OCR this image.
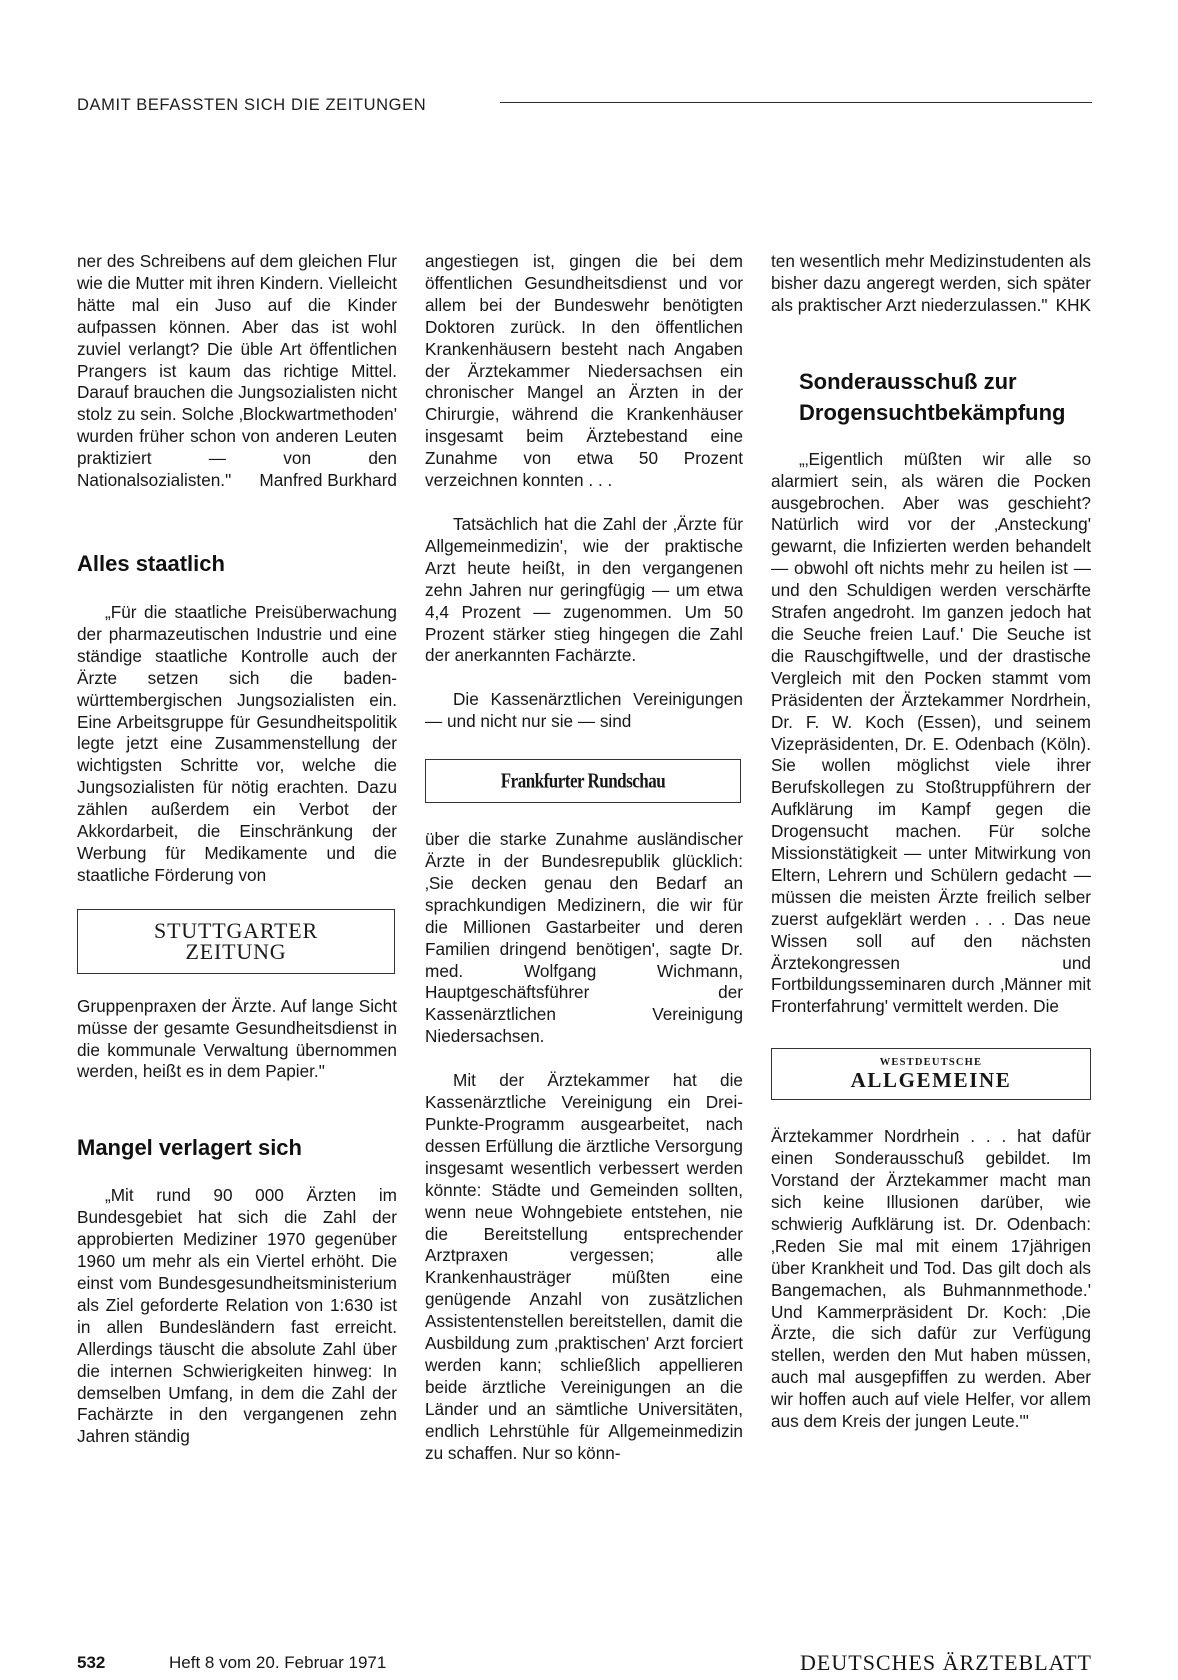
DAMIT BEFASSTEN SICH DIE ZEITUNGEN

ner des Schreibens auf dem gleichen Flur wie die Mutter mit ihren Kindern. Vielleicht hätte mal ein Juso auf die Kinder aufpassen können. Aber das ist wohl zuviel verlangt? Die üble Art öffentlichen Prangers ist kaum das richtige Mittel. Darauf brauchen die Jungsozialisten nicht stolz zu sein. Solche ‚Blockwartmethoden' wurden früher schon von anderen Leuten praktiziert — von den Nationalsozialisten." Manfred Burkhard

Alles staatlich

„Für die staatliche Preisüberwachung der pharmazeutischen Industrie und eine ständige staatliche Kontrolle auch der Ärzte setzen sich die baden-württembergischen Jungsozialisten ein. Eine Arbeitsgruppe für Gesundheitspolitik legte jetzt eine Zusammenstellung der wichtigsten Schritte vor, welche die Jungsozialisten für nötig erachten. Dazu zählen außerdem ein Verbot der Akkordarbeit, die Einschränkung der Werbung für Medikamente und die staatliche Förderung von

STUTTGARTER
ZEITUNG

Gruppenpraxen der Ärzte. Auf lange Sicht müsse der gesamte Gesundheitsdienst in die kommunale Verwaltung übernommen werden, heißt es in dem Papier."

Mangel verlagert sich

„Mit rund 90 000 Ärzten im Bundesgebiet hat sich die Zahl der approbierten Mediziner 1970 gegenüber 1960 um mehr als ein Viertel erhöht. Die einst vom Bundesgesundheitsministerium als Ziel geforderte Relation von 1:630 ist in allen Bundesländern fast erreicht. Allerdings täuscht die absolute Zahl über die internen Schwierigkeiten hinweg: In demselben Umfang, in dem die Zahl der Fachärzte in den vergangenen zehn Jahren ständig

angestiegen ist, gingen die bei dem öffentlichen Gesundheitsdienst und vor allem bei der Bundeswehr benötigten Doktoren zurück. In den öffentlichen Krankenhäusern besteht nach Angaben der Ärztekammer Niedersachsen ein chronischer Mangel an Ärzten in der Chirurgie, während die Krankenhäuser insgesamt beim Ärztebestand eine Zunahme von etwa 50 Prozent verzeichnen konnten . . .

Tatsächlich hat die Zahl der ‚Ärzte für Allgemeinmedizin', wie der praktische Arzt heute heißt, in den vergangenen zehn Jahren nur geringfügig — um etwa 4,4 Prozent — zugenommen. Um 50 Prozent stärker stieg hingegen die Zahl der anerkannten Fachärzte.

Die Kassenärztlichen Vereinigungen — und nicht nur sie — sind

Frankfurter Rundschau

über die starke Zunahme ausländischer Ärzte in der Bundesrepublik glücklich: ‚Sie decken genau den Bedarf an sprachkundigen Medizinern, die wir für die Millionen Gastarbeiter und deren Familien dringend benötigen', sagte Dr. med. Wolfgang Wichmann, Hauptgeschäftsführer der Kassenärztlichen Vereinigung Niedersachsen.

Mit der Ärztekammer hat die Kassenärztliche Vereinigung ein Drei-Punkte-Programm ausgearbeitet, nach dessen Erfüllung die ärztliche Versorgung insgesamt wesentlich verbessert werden könnte: Städte und Gemeinden sollten, wenn neue Wohngebiete entstehen, nie die Bereitstellung entsprechender Arztpraxen vergessen; alle Krankenhausträger müßten eine genügende Anzahl von zusätzlichen Assistentenstellen bereitstellen, damit die Ausbildung zum ‚praktischen' Arzt forciert werden kann; schließlich appellieren beide ärztliche Vereinigungen an die Länder und an sämtliche Universitäten, endlich Lehrstühle für Allgemeinmedizin zu schaffen. Nur so könn-

ten wesentlich mehr Medizinstudenten als bisher dazu angeregt werden, sich später als praktischer Arzt niederzulassen." KHK

Sonderausschuß zur Drogensuchtbekämpfung

„‚Eigentlich müßten wir alle so alarmiert sein, als wären die Pocken ausgebrochen. Aber was geschieht? Natürlich wird vor der ‚Ansteckung' gewarnt, die Infizierten werden behandelt — obwohl oft nichts mehr zu heilen ist — und den Schuldigen werden verschärfte Strafen angedroht. Im ganzen jedoch hat die Seuche freien Lauf.' Die Seuche ist die Rauschgiftwelle, und der drastische Vergleich mit den Pocken stammt vom Präsidenten der Ärztekammer Nordrhein, Dr. F. W. Koch (Essen), und seinem Vizepräsidenten, Dr. E. Odenbach (Köln). Sie wollen möglichst viele ihrer Berufskollegen zu Stoßtruppführern der Aufklärung im Kampf gegen die Drogensucht machen. Für solche Missionstätigkeit — unter Mitwirkung von Eltern, Lehrern und Schülern gedacht — müssen die meisten Ärzte freilich selber zuerst aufgeklärt werden . . . Das neue Wissen soll auf den nächsten Ärztekongressen und Fortbildungsseminaren durch ‚Männer mit Fronterfahrung' vermittelt werden. Die

WESTDEUTSCHE
ALLGEMEINE

Ärztekammer Nordrhein . . . hat dafür einen Sonderausschuß gebildet. Im Vorstand der Ärztekammer macht man sich keine Illusionen darüber, wie schwierig Aufklärung ist. Dr. Odenbach: ‚Reden Sie mal mit einem 17jährigen über Krankheit und Tod. Das gilt doch als Bangemachen, als Buhmannmethode.' Und Kammerpräsident Dr. Koch: ‚Die Ärzte, die sich dafür zur Verfügung stellen, werden den Mut haben müssen, auch mal ausgepfiffen zu werden. Aber wir hoffen auch auf viele Helfer, vor allem aus dem Kreis der jungen Leute.'"

532	Heft 8 vom 20. Februar 1971	DEUTSCHES ÄRZTEBLATT
